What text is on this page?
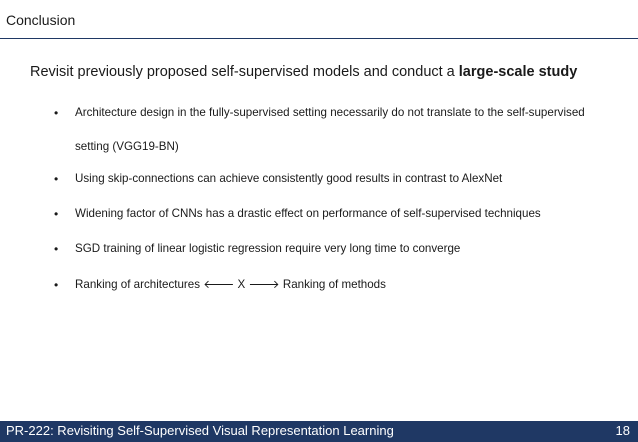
Conclusion
Revisit previously proposed self-supervised models and conduct a large-scale study
•	Architecture design in the fully-supervised setting necessarily do not translate to the self-supervised setting (VGG19-BN)
•	Using skip-connections can achieve consistently good results in contrast to AlexNet
•	Widening factor of CNNs has a drastic effect on performance of self-supervised techniques
•	SGD training of linear logistic regression require very long time to converge
•	Ranking of architectures 🡐 X 🡒 Ranking of methods
PR-222: Revisiting Self-Supervised Visual Representation Learning	18
